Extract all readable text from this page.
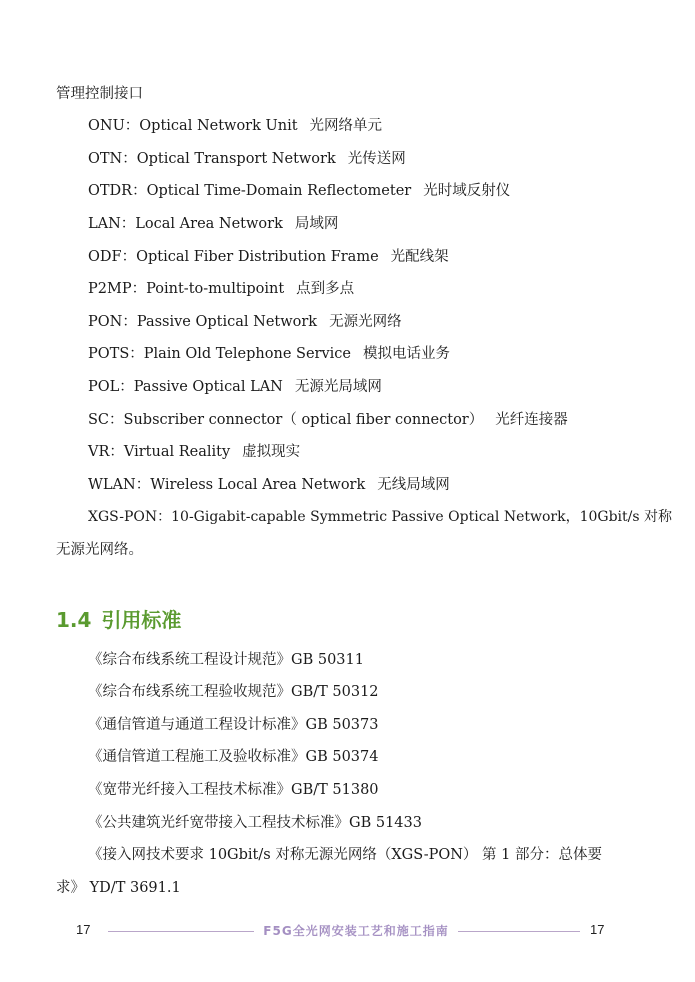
管理控制接口
ONU：Optical Network Unit 光网络单元
OTN：Optical Transport Network 光传送网
OTDR：Optical Time-Domain Reflectometer 光时域反射仪
LAN：Local Area Network 局域网
ODF：Optical Fiber Distribution Frame 光配线架
P2MP：Point-to-multipoint 点到多点
PON：Passive Optical Network 无源光网络
POTS：Plain Old Telephone Service 模拟电话业务
POL：Passive Optical LAN 无源光局域网
SC：Subscriber connector（ optical fiber connector） 光纤连接器
VR：Virtual Reality 虚拟现实
WLAN：Wireless Local Area Network 无线局域网
XGS-PON：10-Gigabit-capable Symmetric Passive Optical Network，10Gbit/s 对称
无源光网络。
1.4 引用标准
《综合布线系统工程设计规范》GB 50311
《综合布线系统工程验收规范》GB/T 50312
《通信管道与通道工程设计标准》GB 50373
《通信管道工程施工及验收标准》GB 50374
《宽带光纤接入工程技术标准》GB/T 51380
《公共建筑光纤宽带接入工程技术标准》GB 51433
《接入网技术要求 10Gbit/s 对称无源光网络（XGS-PON） 第 1 部分：总体要
求》 YD/T 3691.1
17	F5G全光网安装工艺和施工指南	17
